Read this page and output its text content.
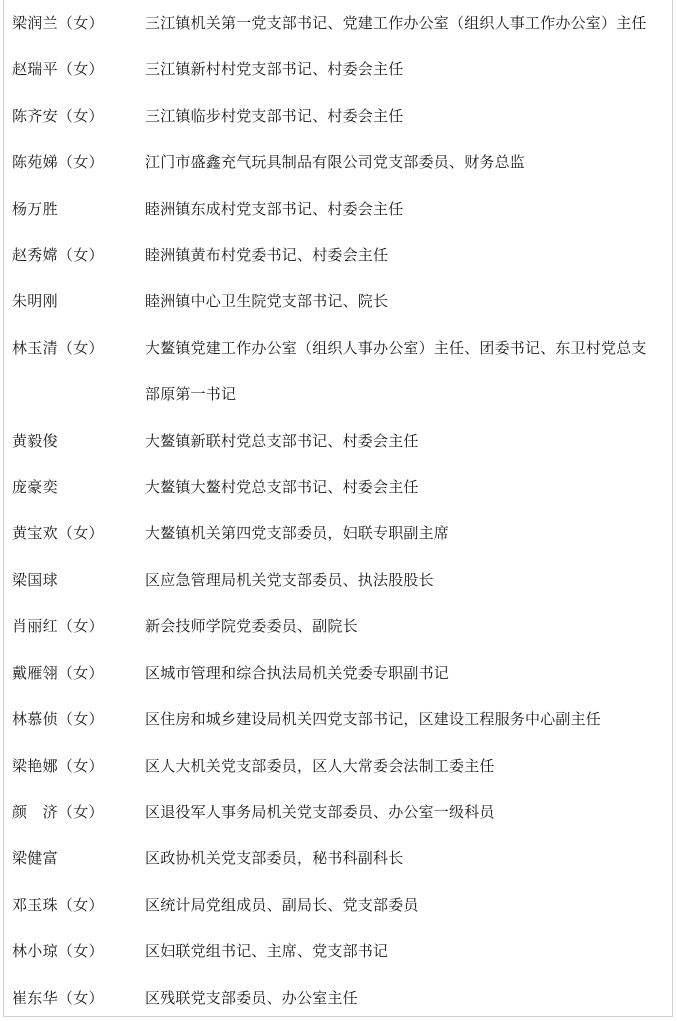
梁润兰（女）	三江镇机关第一党支部书记、党建工作办公室（组织人事工作办公室）主任
赵瑞平（女）	三江镇新村村党支部书记、村委会主任
陈齐安（女）	三江镇临步村党支部书记、村委会主任
陈苑娣（女）	江门市盛鑫充气玩具制品有限公司党支部委员、财务总监
杨万胜	睦洲镇东成村党支部书记、村委会主任
赵秀嫦（女）	睦洲镇黄布村党委书记、村委会主任
朱明刚	睦洲镇中心卫生院党支部书记、院长
林玉清（女）	大鳌镇党建工作办公室（组织人事办公室）主任、团委书记、东卫村党总支部原第一书记
黄毅俊	大鳌镇新联村党总支部书记、村委会主任
庞豪奕	大鳌镇大鳌村党总支部书记、村委会主任
黄宝欢（女）	大鳌镇机关第四党支部委员，妇联专职副主席
梁国球	区应急管理局机关党支部委员、执法股股长
肖丽红（女）	新会技师学院党委委员、副院长
戴雁翎（女）	区城市管理和综合执法局机关党委专职副书记
林慕侦（女）	区住房和城乡建设局机关四党支部书记，区建设工程服务中心副主任
梁艳娜（女）	区人大机关党支部委员，区人大常委会法制工委主任
颜　济（女）	区退役军人事务局机关党支部委员、办公室一级科员
梁健富	区政协机关党支部委员，秘书科副科长
邓玉珠（女）	区统计局党组成员、副局长、党支部委员
林小琼（女）	区妇联党组书记、主席、党支部书记
崔东华（女）	区残联党支部委员、办公室主任
